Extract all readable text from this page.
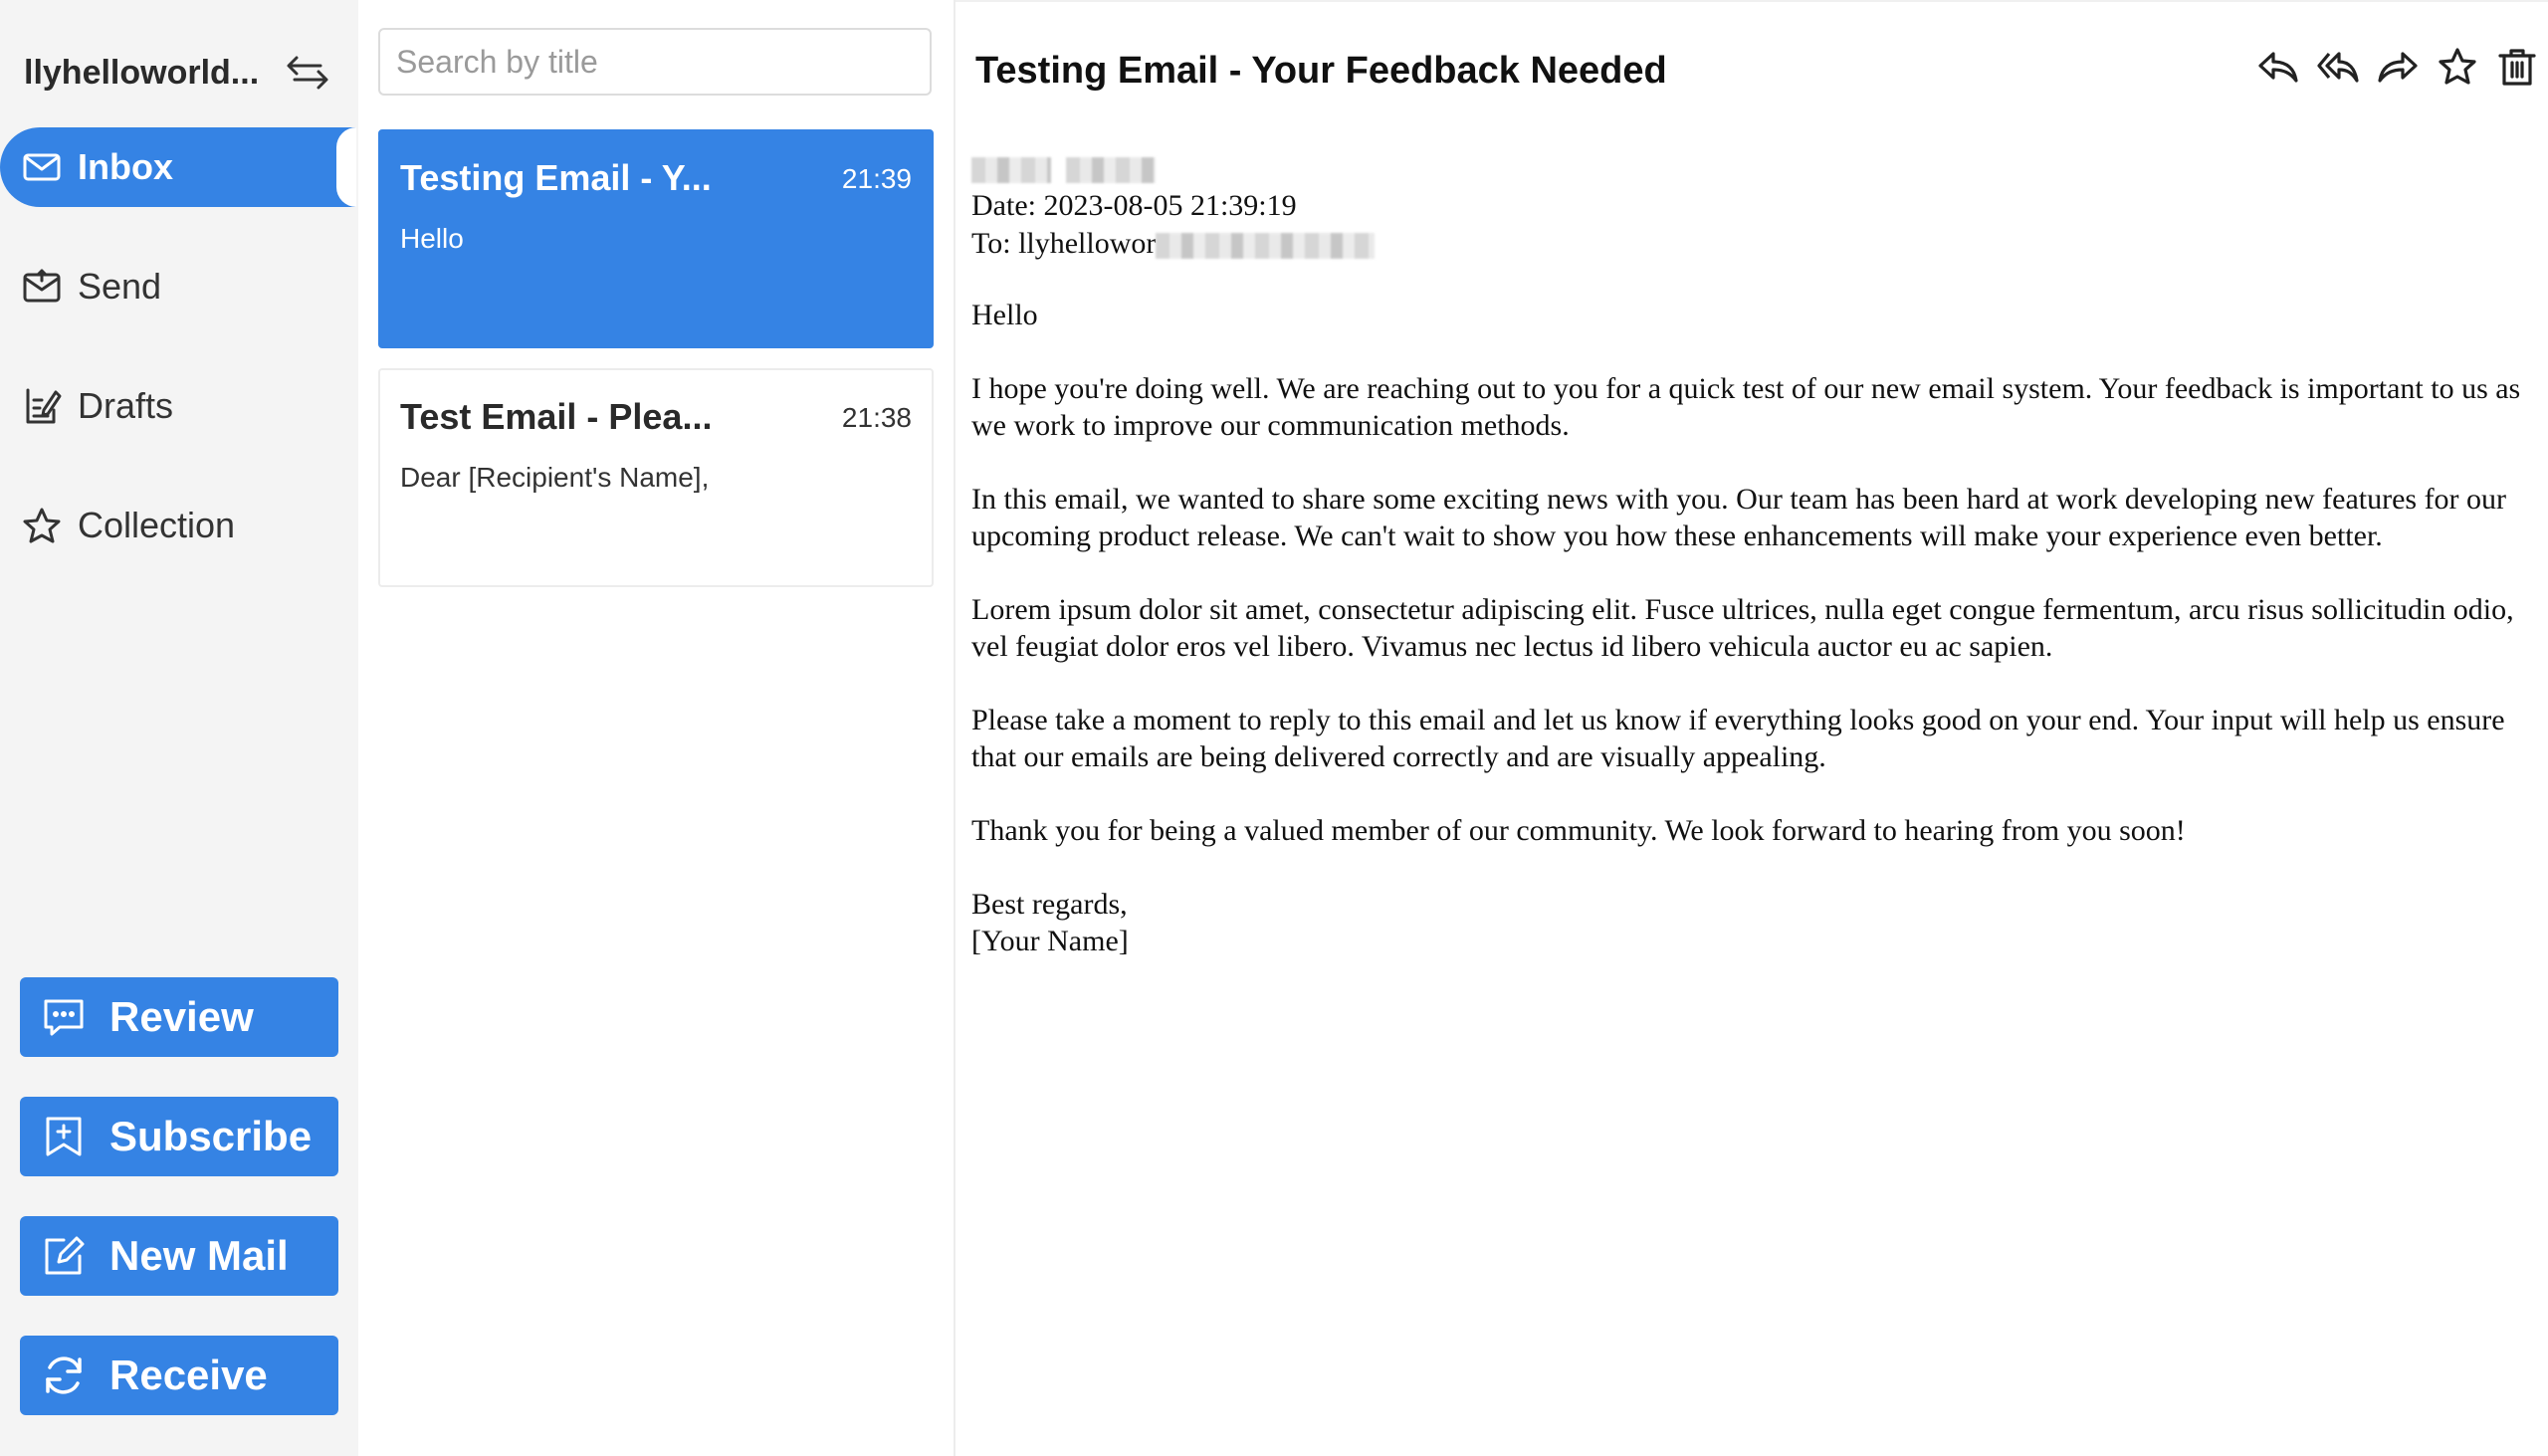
llyhelloworld...
Inbox
Send
Drafts
Collection
Review
Subscribe
New Mail
Receive
Search by title
Testing Email - Y...	21:39
Hello
Test Email - Plea...	21:38
Dear [Recipient's Name],
Testing Email - Your Feedback Needed

Date: 2023-08-05 21:39:19
To: llyhellowor

Hello

I hope you're doing well. We are reaching out to you for a quick test of our new email system. Your feedback is important to us as we work to improve our communication methods.

In this email, we wanted to share some exciting news with you. Our team has been hard at work developing new features for our upcoming product release. We can't wait to show you how these enhancements will make your experience even better.

Lorem ipsum dolor sit amet, consectetur adipiscing elit. Fusce ultrices, nulla eget congue fermentum, arcu risus sollicitudin odio, vel feugiat dolor eros vel libero. Vivamus nec lectus id libero vehicula auctor eu ac sapien.

Please take a moment to reply to this email and let us know if everything looks good on your end. Your input will help us ensure that our emails are being delivered correctly and are visually appealing.

Thank you for being a valued member of our community. We look forward to hearing from you soon!

Best regards,

[Your Name]
